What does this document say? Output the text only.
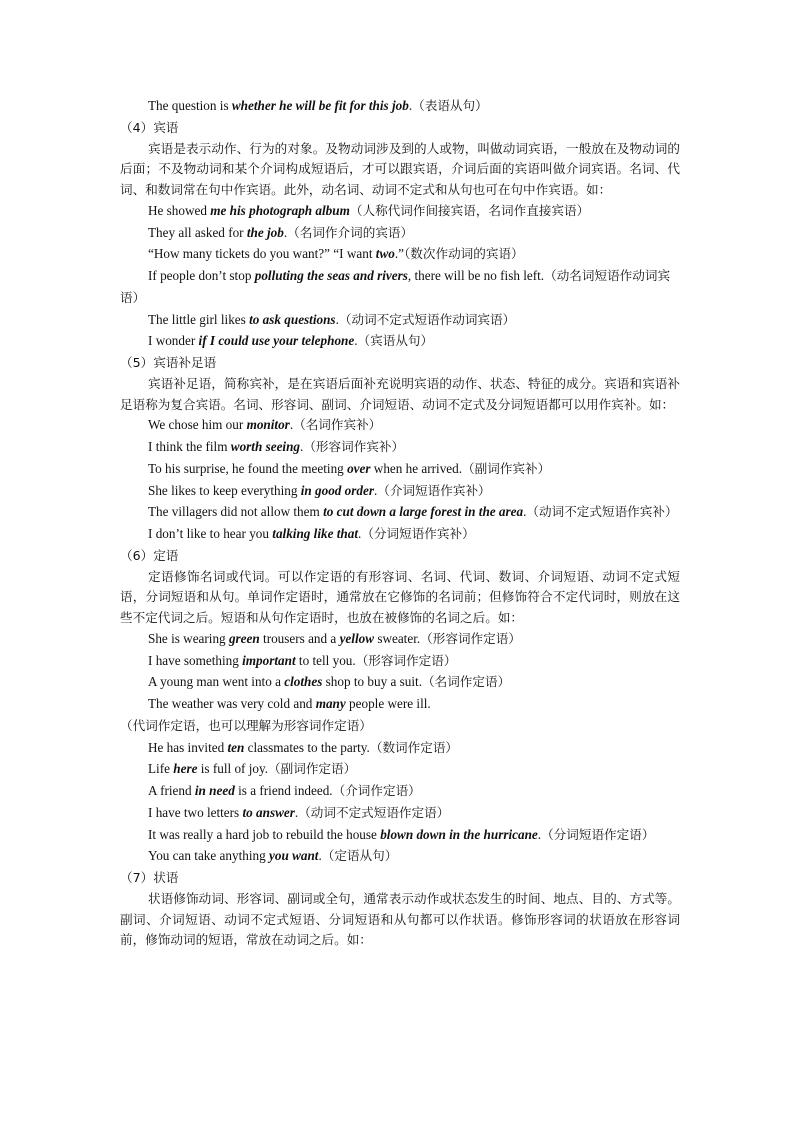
The question is whether he will be fit for this job.（表语从句）
（4）宾语
宾语是表示动作、行为的对象。及物动词涉及到的人或物，叫做动词宾语，一般放在及物动词的后面；不及物动词和某个介词构成短语后，才可以跟宾语，介词后面的宾语叫做介词宾语。名词、代词、和数词常在句中作宾语。此外，动名词、动词不定式和从句也可在句中作宾语。如：
He showed me his photograph album（人称代词作间接宾语，名词作直接宾语）
They all asked for the job.（名词作介词的宾语）
“How many tickets do you want?” “I want two.”（数次作动词的宾语）
If people don’t stop polluting the seas and rivers, there will be no fish left.（动名词短语作动词宾语）
The little girl likes to ask questions.（动词不定式短语作动词宾语）
I wonder if I could use your telephone.（宾语从句）
（5）宾语补足语
宾语补足语，简称宾补，是在宾语后面补充说明宾语的动作、状态、特征的成分。宾语和宾语补足语称为复合宾语。名词、形容词、副词、介词短语、动词不定式及分词短语都可以用作宾补。如：
We chose him our monitor.（名词作宾补）
I think the film worth seeing.（形容词作宾补）
To his surprise, he found the meeting over when he arrived.（副词作宾补）
She likes to keep everything in good order.（介词短语作宾补）
The villagers did not allow them to cut down a large forest in the area.（动词不定式短语作宾补）
I don’t like to hear you talking like that.（分词短语作宾补）
（6）定语
定语修饰名词或代词。可以作定语的有形容词、名词、代词、数词、介词短语、动词不定式短语，分词短语和从句。单词作定语时，通常放在它修饰的名词前；但修饰符合不定代词时，则放在这些不定代词之后。短语和从句作定语时，也放在被修饰的名词之后。如：
She is wearing green trousers and a yellow sweater.（形容词作定语）
I have something important to tell you.（形容词作定语）
A young man went into a clothes shop to buy a suit.（名词作定语）
The weather was very cold and many people were ill.（代词作定语，也可以理解为形容词作定语）
He has invited ten classmates to the party.（数词作定语）
Life here is full of joy.（副词作定语）
A friend in need is a friend indeed.（介词作定语）
I have two letters to answer.（动词不定式短语作定语）
It was really a hard job to rebuild the house blown down in the hurricane.（分词短语作定语）
You can take anything you want.（定语从句）
（7）状语
状语修饰动词、形容词、副词或全句，通常表示动作或状态发生的时间、地点、目的、方式等。副词、介词短语、动词不定式短语、分词短语和从句都可以作状语。修饰形容词的状语放在形容词前，修饰动词的短语，常放在动词之后。如：
